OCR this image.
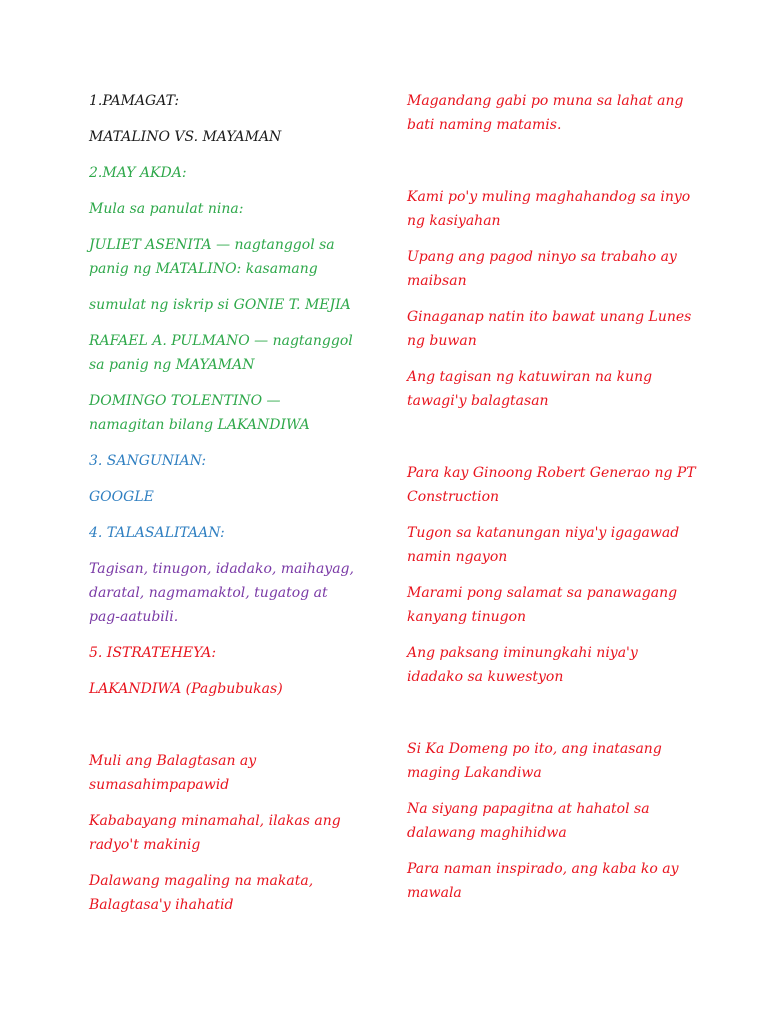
1.PAMAGAT:

MATALINO VS. MAYAMAN

2.MAY AKDA:

Mula sa panulat nina:

JULIET ASENITA — nagtanggol sa panig ng MATALINO: kasamang

sumulat ng iskrip si GONIE T. MEJIA

RAFAEL A. PULMANO — nagtanggol sa panig ng MAYAMAN

DOMINGO TOLENTINO — namagitan bilang LAKANDIWA

3. SANGUNIAN:

GOOGLE

4. TALASALITAAN:

Tagisan, tinugon, idadako, maihayag, daratal, nagmamaktol, tugatog at pag-aatubili.

5. ISTRATEHEYA:

LAKANDIWA (Pagbubukas)

Muli ang Balagtasan ay sumasahimpapawid

Kababayang minamahal, ilakas ang radyo't makinig

Dalawang magaling na makata, Balagtasa'y ihahatid

Magandang gabi po muna sa lahat ang bati naming matamis.

Kami po'y muling maghahandog sa inyo ng kasiyahan

Upang ang pagod ninyo sa trabaho ay maibsan

Ginaganap natin ito bawat unang Lunes ng buwan

Ang tagisan ng katuwiran na kung tawagi'y balagtasan

Para kay Ginoong Robert Generao ng PT Construction

Tugon sa katanungan niya'y igagawad namin ngayon

Marami pong salamat sa panawagang kanyang tinugon

Ang paksang iminungkahi niya'y idadako sa kuwestyon

Si Ka Domeng po ito, ang inatasang maging Lakandiwa

Na siyang papagitna at hahatol sa dalawang maghihidwa

Para naman inspirado, ang kaba ko ay mawala
